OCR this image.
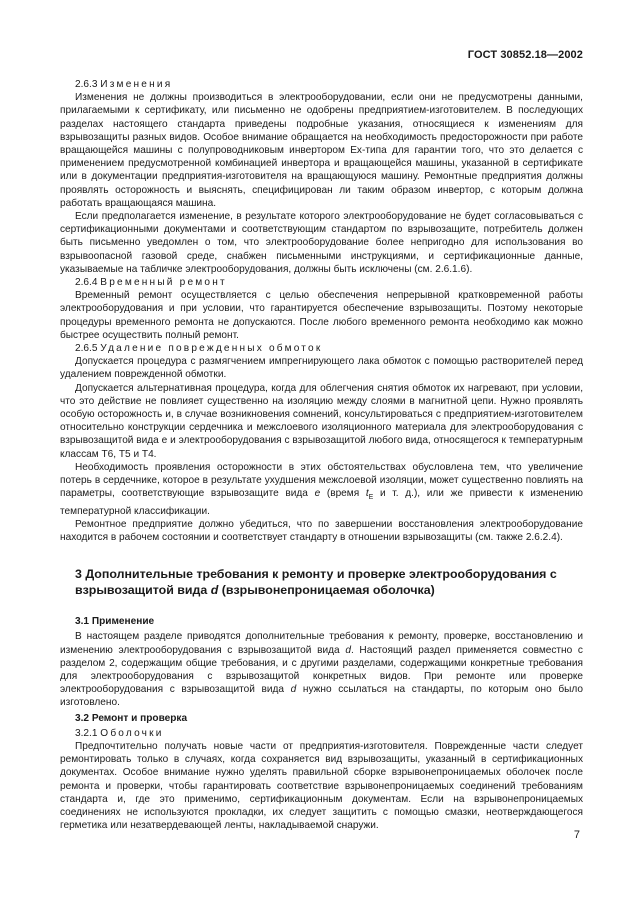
ГОСТ 30852.18—2002

2.6.3 Изменения

Изменения не должны производиться в электрооборудовании, если они не предусмотрены данными, прилагаемыми к сертификату, или письменно не одобрены предприятием-изготовителем. В последующих разделах настоящего стандарта приведены подробные указания, относящиеся к изменениям для взрывозащиты разных видов. Особое внимание обращается на необходимость предосторожности при работе вращающейся машины с полупроводниковым инвертором Ex-типа для гарантии того, что это делается с применением предусмотренной комбинацией инвертора и вращающейся машины, указанной в сертификате или в документации предприятия-изготовителя на вращающуюся машину. Ремонтные предприятия должны проявлять осторожность и выяснять, специфицирован ли таким образом инвертор, с которым должна работать вращающаяся машина.

Если предполагается изменение, в результате которого электрооборудование не будет согласовываться с сертификационными документами и соответствующим стандартом по взрывозащите, потребитель должен быть письменно уведомлен о том, что электрооборудование более непригодно для использования во взрывоопасной газовой среде, снабжен письменными инструкциями, и сертификационные данные, указываемые на табличке электрооборудования, должны быть исключены (см. 2.6.1.6).

2.6.4 Временный ремонт

Временный ремонт осуществляется с целью обеспечения непрерывной кратковременной работы электрооборудования и при условии, что гарантируется обеспечение взрывозащиты. Поэтому некоторые процедуры временного ремонта не допускаются. После любого временного ремонта необходимо как можно быстрее осуществить полный ремонт.

2.6.5 Удаление поврежденных обмоток

Допускается процедура с размягчением импрегнирующего лака обмоток с помощью растворителей перед удалением поврежденной обмотки.

Допускается альтернативная процедура, когда для облегчения снятия обмоток их нагревают, при условии, что это действие не повлияет существенно на изоляцию между слоями в магнитной цепи. Нужно проявлять особую осторожность и, в случае возникновения сомнений, консультироваться с предприятием-изготовителем относительно конструкции сердечника и межслоевого изоляционного материала для электрооборудования с взрывозащитой вида e и электрооборудования с взрывозащитой любого вида, относящегося к температурным классам Т6, Т5 и Т4.

Необходимость проявления осторожности в этих обстоятельствах обусловлена тем, что увеличение потерь в сердечнике, которое в результате ухудшения межслоевой изоляции, может существенно повлиять на параметры, соответствующие взрывозащите вида e (время $t_E$ и т. д.), или же привести к изменению температурной классификации.

Ремонтное предприятие должно убедиться, что по завершении восстановления электрооборудование находится в рабочем состоянии и соответствует стандарту в отношении взрывозащиты (см. также 2.6.2.4).

3 Дополнительные требования к ремонту и проверке электрооборудования с взрывозащитой вида d (взрывонепроницаемая оболочка)

3.1 Применение

В настоящем разделе приводятся дополнительные требования к ремонту, проверке, восстановлению и изменению электрооборудования с взрывозащитой вида d. Настоящий раздел применяется совместно с разделом 2, содержащим общие требования, и с другими разделами, содержащими конкретные требования для электрооборудования с взрывозащитой конкретных видов. При ремонте или проверке электрооборудования с взрывозащитой вида d нужно ссылаться на стандарты, по которым оно было изготовлено.

3.2 Ремонт и проверка

3.2.1 Оболочки

Предпочтительно получать новые части от предприятия-изготовителя. Поврежденные части следует ремонтировать только в случаях, когда сохраняется вид взрывозащиты, указанный в сертификационных документах. Особое внимание нужно уделять правильной сборке взрывонепроницаемых оболочек после ремонта и проверки, чтобы гарантировать соответствие взрывонепроницаемых соединений требованиям стандарта и, где это применимо, сертификационным документам. Если на взрывонепроницаемых соединениях не используются прокладки, их следует защитить с помощью смазки, неотверждающегося герметика или незатвердевающей ленты, накладываемой снаружи.

7
